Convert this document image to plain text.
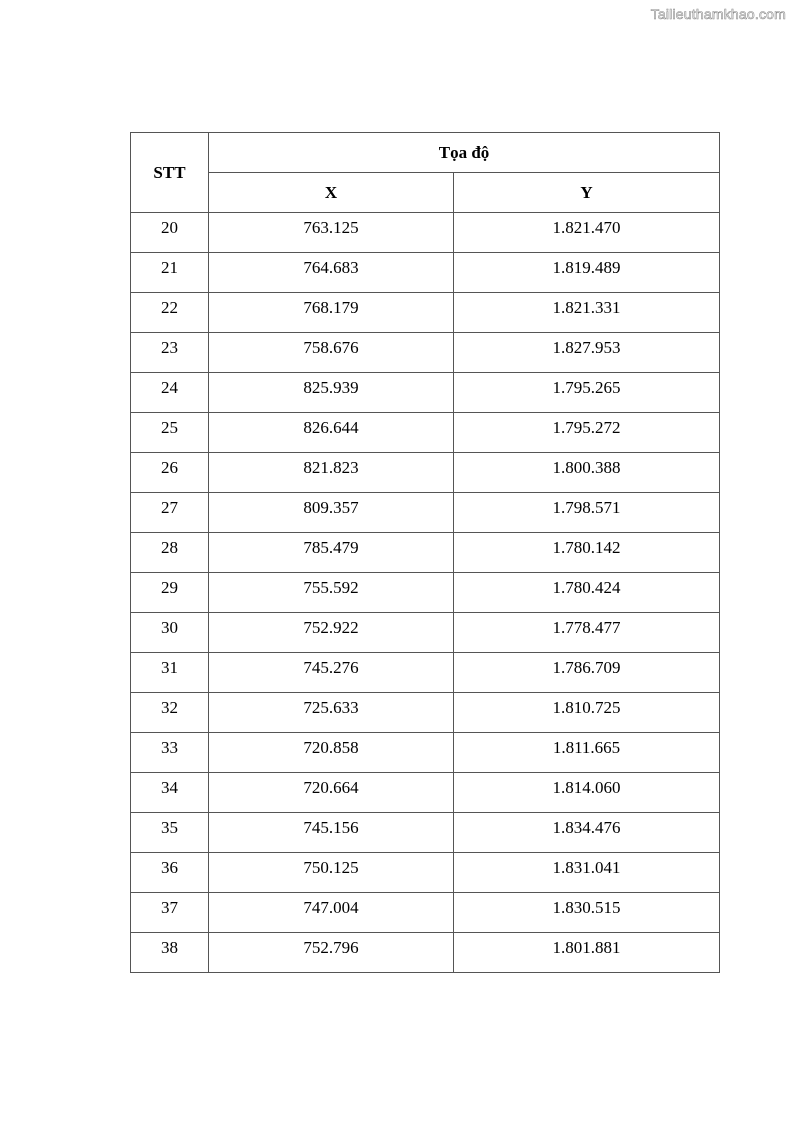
Tailieuthamkhao.com
STT	Tọa độ	
	X	Y
20	763.125	1.821.470
21	764.683	1.819.489
22	768.179	1.821.331
23	758.676	1.827.953
24	825.939	1.795.265
25	826.644	1.795.272
26	821.823	1.800.388
27	809.357	1.798.571
28	785.479	1.780.142
29	755.592	1.780.424
30	752.922	1.778.477
31	745.276	1.786.709
32	725.633	1.810.725
33	720.858	1.811.665
34	720.664	1.814.060
35	745.156	1.834.476
36	750.125	1.831.041
37	747.004	1.830.515
38	752.796	1.801.881
